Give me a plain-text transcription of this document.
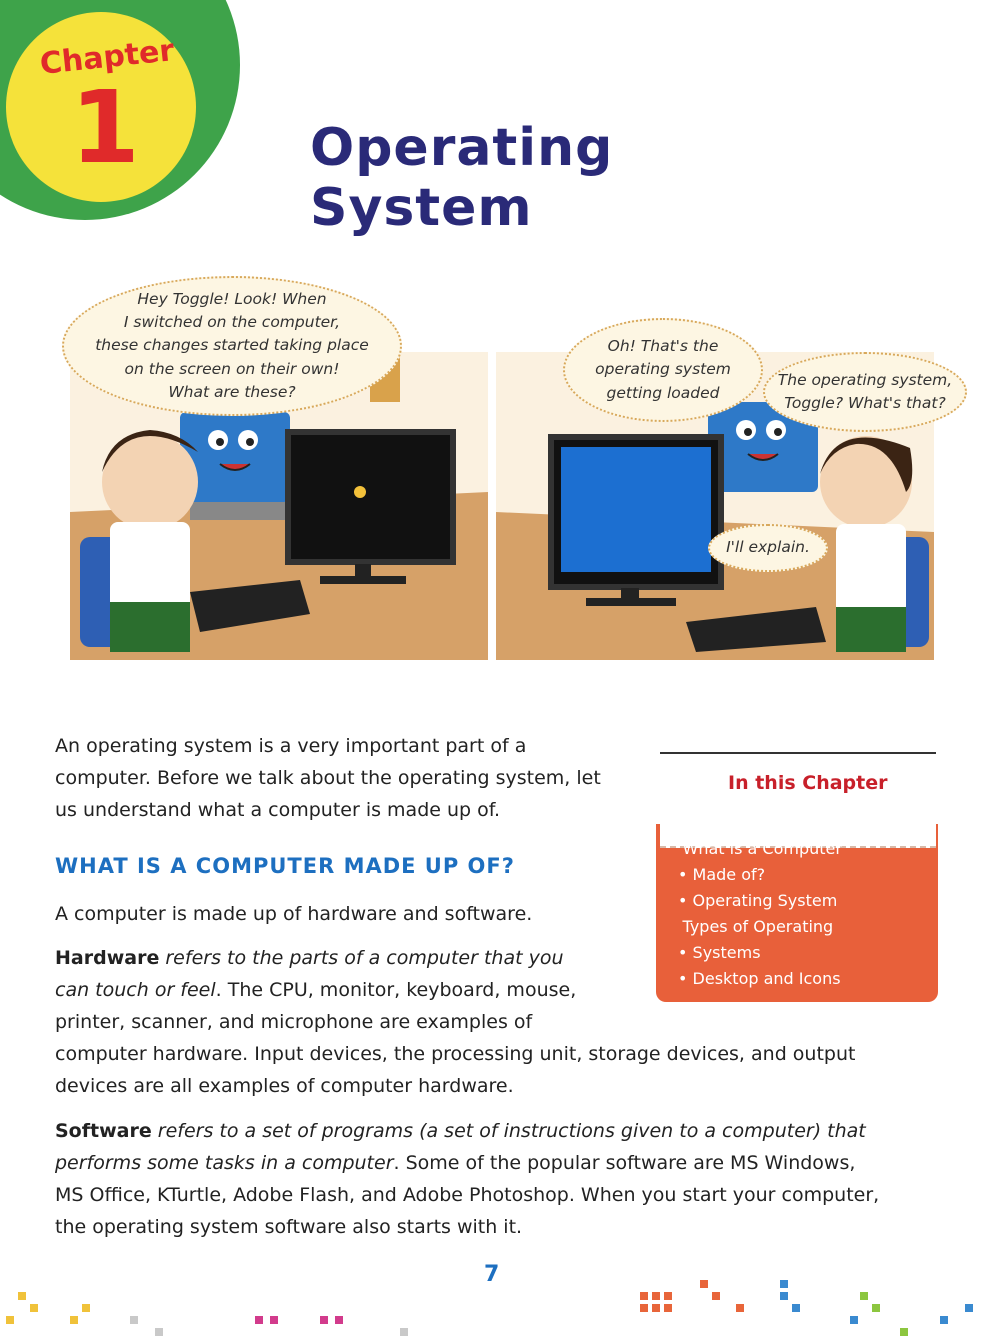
Chapter
1	Operating System
Hey Toggle! Look! When
I switched on the computer,
these changes started taking place
on the screen on their own!
What are these?
Oh! That's the
operating system
getting loaded
The operating system,
Toggle? What's that?
I'll explain.
An operating system is a very important part of a
computer. Before we talk about the operating system, let
us understand what a computer is made up of.
WHAT IS A COMPUTER MADE UP OF?
A computer is made up of hardware and software.
Hardware refers to the parts of a computer that you
can touch or feel. The CPU, monitor, keyboard, mouse,
printer, scanner, and microphone are examples of
computer hardware. Input devices, the processing unit, storage devices, and output
devices are all examples of computer hardware.
Software refers to a set of programs (a set of instructions given to a computer) that
performs some tasks in a computer. Some of the popular software are MS Windows,
MS Office, KTurtle, Adobe Flash, and Adobe Photoshop. When you start your computer,
the operating system software also starts with it.
In this Chapter
• What is a Computer Made of?
• Operating System
• Types of Operating Systems
• Desktop and Icons
7
